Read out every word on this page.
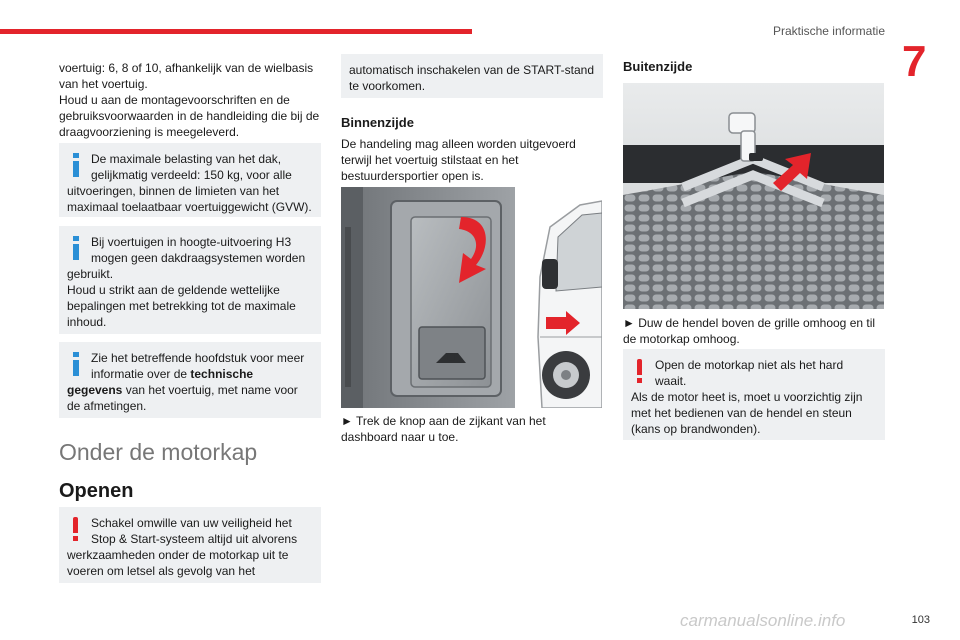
Praktische informatie
7

voertuig: 6, 8 of 10, afhankelijk van de wielbasis

van het voertuig.

Houd u aan de montagevoorschriften en de

gebruiksvoorwaarden in de handleiding die bij de

draagvoorziening is meegeleverd.

De maximale belasting van het dak,

gelijkmatig verdeeld: 150 kg, voor alle

uitvoeringen, binnen de limieten van het

maximaal toelaatbaar voertuiggewicht (GVW).

Bij voertuigen in hoogte-uitvoering H3

mogen geen dakdraagsystemen worden

gebruikt.

Houd u strikt aan de geldende wettelijke

bepalingen met betrekking tot de maximale

inhoud.

Zie het betreffende hoofdstuk voor meer

informatie over de technische

gegevens van het voertuig, met name voor

de afmetingen.

Onder de motorkap
Openen

Schakel omwille van uw veiligheid het

Stop & Start-systeem altijd uit alvorens

werkzaamheden onder de motorkap uit te

voeren om letsel als gevolg van het

automatisch inschakelen van de START-stand

te voorkomen.

Binnenzijde

De handeling mag alleen worden uitgevoerd

terwijl het voertuig stilstaat en het

bestuurdersportier open is.

► Trek de knop aan de zijkant van het

dashboard naar u toe.

Buitenzijde

► Duw de hendel boven de grille omhoog en til

de motorkap omhoog.

Open de motorkap niet als het hard

waait.

Als de motor heet is, moet u voorzichtig zijn

met het bedienen van de hendel en steun

(kans op brandwonden).

carmanualsonline.info	103
